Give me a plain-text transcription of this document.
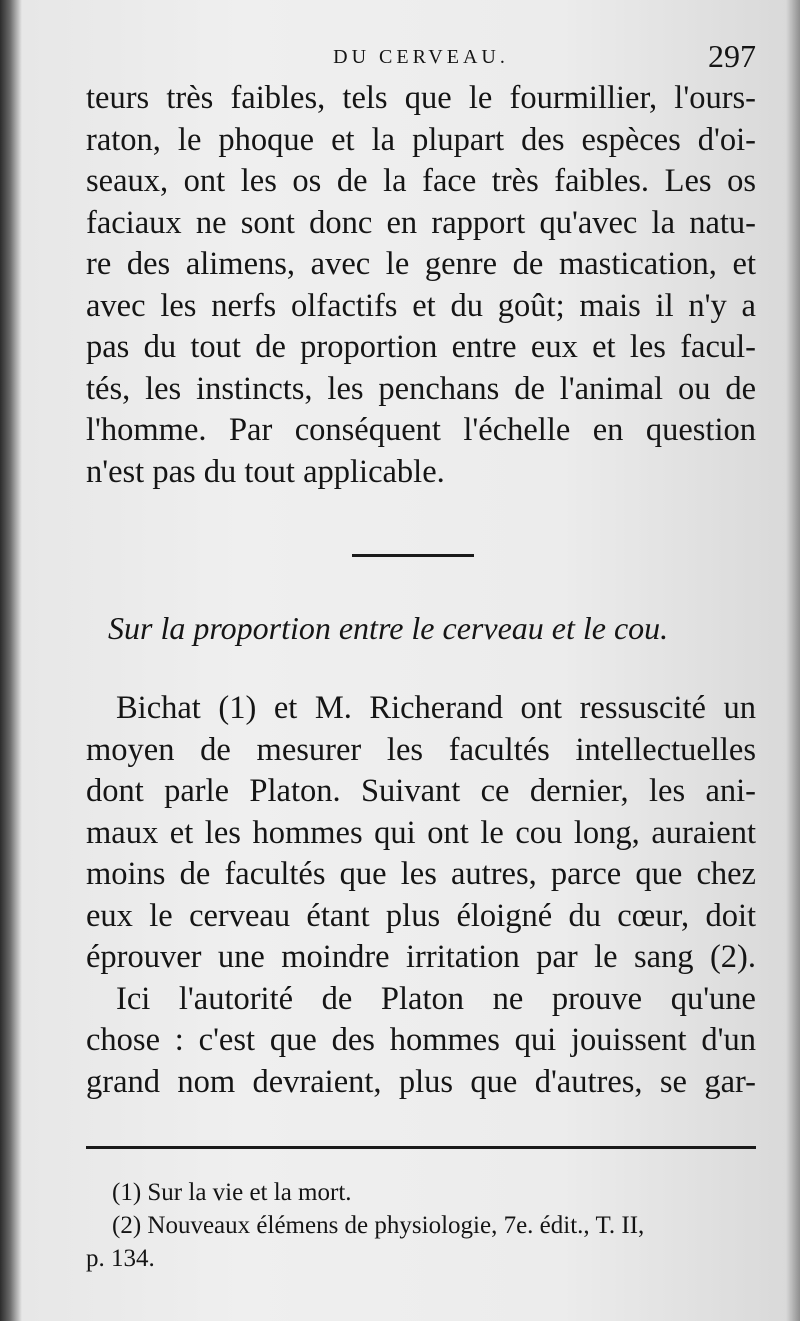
DU CERVEAU.	297
teurs très faibles, tels que le fourmillier, l'ours-
raton, le phoque et la plupart des espèces d'oi-
seaux, ont les os de la face très faibles. Les os
faciaux ne sont donc en rapport qu'avec la natu-
re des alimens, avec le genre de mastication, et
avec les nerfs olfactifs et du goût; mais il n'y a
pas du tout de proportion entre eux et les facul-
tés, les instincts, les penchans de l'animal ou de
l'homme. Par conséquent l'échelle en question
n'est pas du tout applicable.
Sur la proportion entre le cerveau et le cou.
Bichat (1) et M. Richerand ont ressuscité un
moyen de mesurer les facultés intellectuelles
dont parle Platon. Suivant ce dernier, les ani-
maux et les hommes qui ont le cou long, auraient
moins de facultés que les autres, parce que chez
eux le cerveau étant plus éloigné du cœur, doit
éprouver une moindre irritation par le sang (2).
Ici l'autorité de Platon ne prouve qu'une
chose : c'est que des hommes qui jouissent d'un
grand nom devraient, plus que d'autres, se gar-
(1) Sur la vie et la mort.
(2) Nouveaux élémens de physiologie, 7e. édit., T. II,
p. 134.
